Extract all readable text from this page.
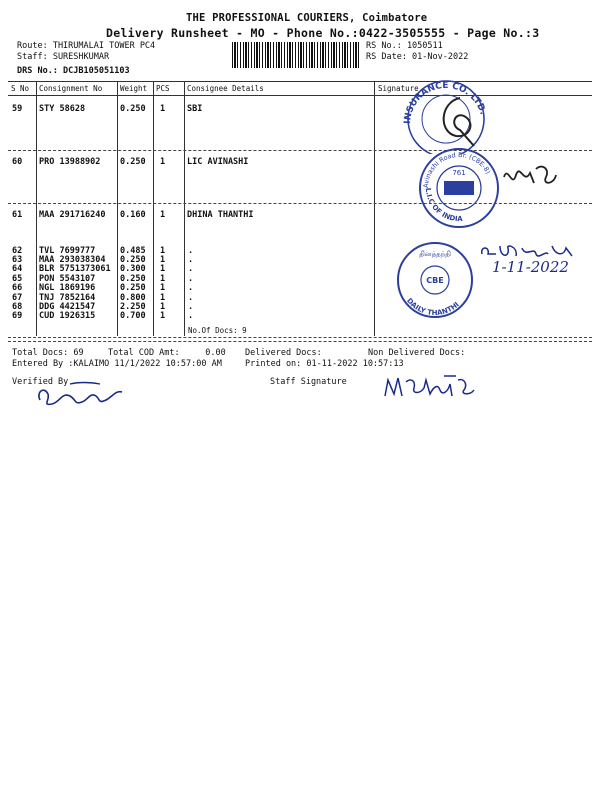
THE PROFESSIONAL COURIERS, Coimbatore
Delivery Runsheet - MO - Phone No.:0422-3505555 - Page No.:3
Route: THIRUMALAI TOWER PC4
Staff: SURESHKUMAR
DRS No.: DCJB105051103
RS No.: 1050511
RS Date: 01-Nov-2022
S No Consignment No Weight PCS Consignee Details	Signature
59 STY 58628	0.250 1	SBI
60 PRO 13988902 0.250 1	LIC AVINASHI
61 MAA 291716240 0.160 1	DHINA THANTHI
62 TVL 7699777	0.485 1	.
63 MAA 293038304 0.250 1	.
64 BLR 5751373061 0.300 1	.
65 PON 5543107	0.250 1	.
66 NGL 1869196	0.250 1	.
67 TNJ 7852164	0.800 1	.
68 DDG 4421547	2.250 1	.
69 CUD 1926315	0.700 1	.
No.Of Docs: 9
Total Docs: 69	Total COD Amt:     0.00 Delivered Docs:	Non Delivered Docs:
Entered By :KALAIMO 11/1/2022 10:57:00 AM	Printed on: 01-11-2022 10:57:13
Verified By	Staff Signature
INSURANCE CO. LTD.
Avinashi Road Br. (CBE-8)
L.I.C OF INDIA
761
தினத்தந்தி
CBE
DAILY THANTHI
1-11-2022
